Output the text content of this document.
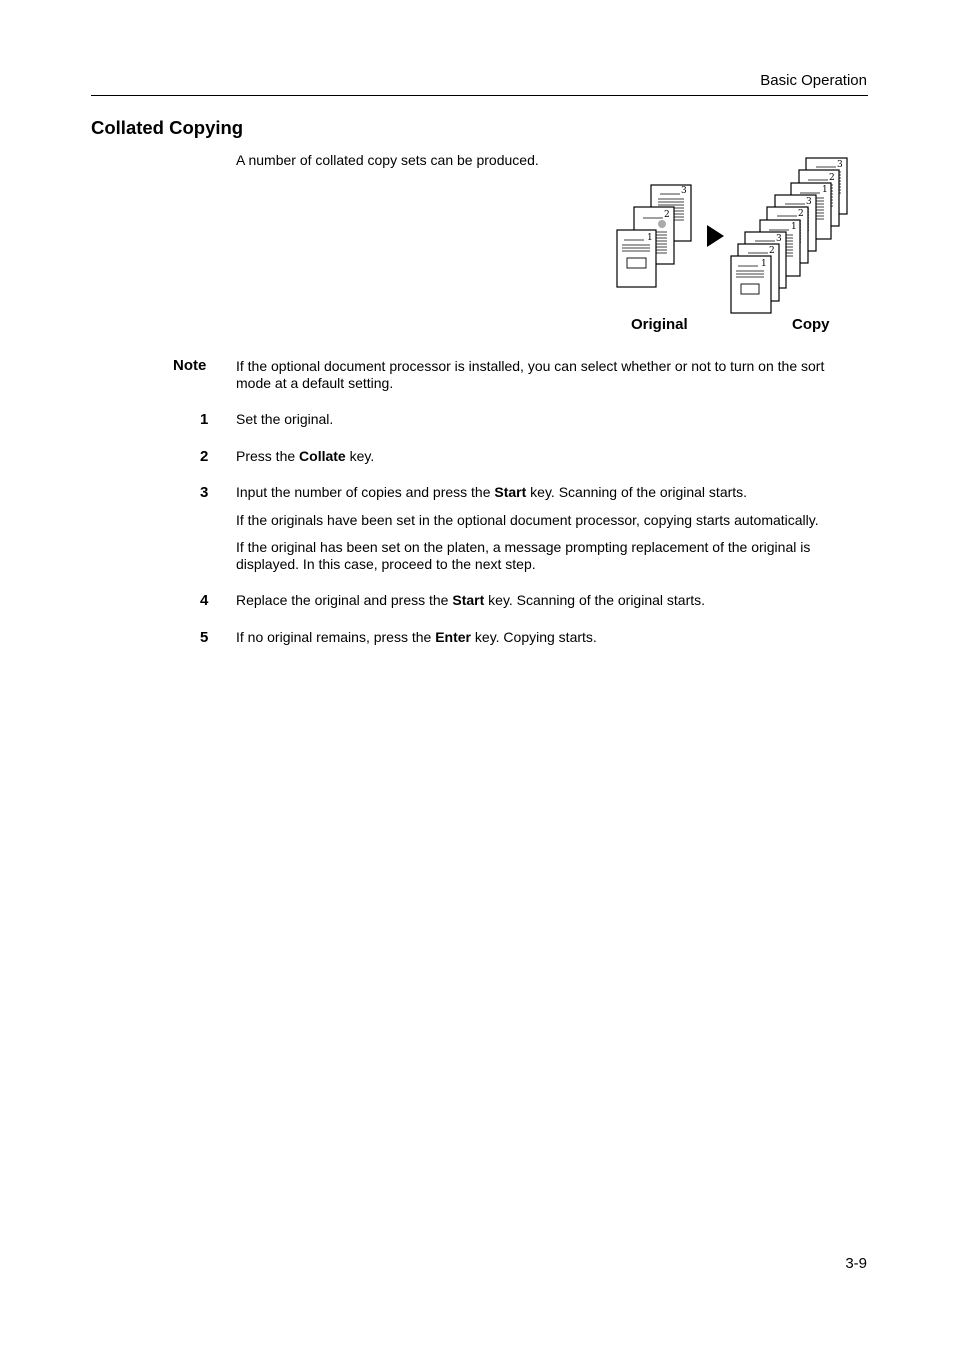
Basic Operation
Collated Copying
A number of collated copy sets can be produced.
3
2
1
3
2
1
3
2
1
3
2
1
Original	Copy
Note If the optional document processor is installed, you can select whether or not to turn on the sort mode at a default setting.
1 Set the original.
2 Press the Collate key.
3 Input the number of copies and press the Start key. Scanning of the original starts.
If the originals have been set in the optional document processor, copying starts automatically.
If the original has been set on the platen, a message prompting replacement of the original is displayed. In this case, proceed to the next step.
4 Replace the original and press the Start key. Scanning of the original starts.
5 If no original remains, press the Enter key. Copying starts.
3-9
